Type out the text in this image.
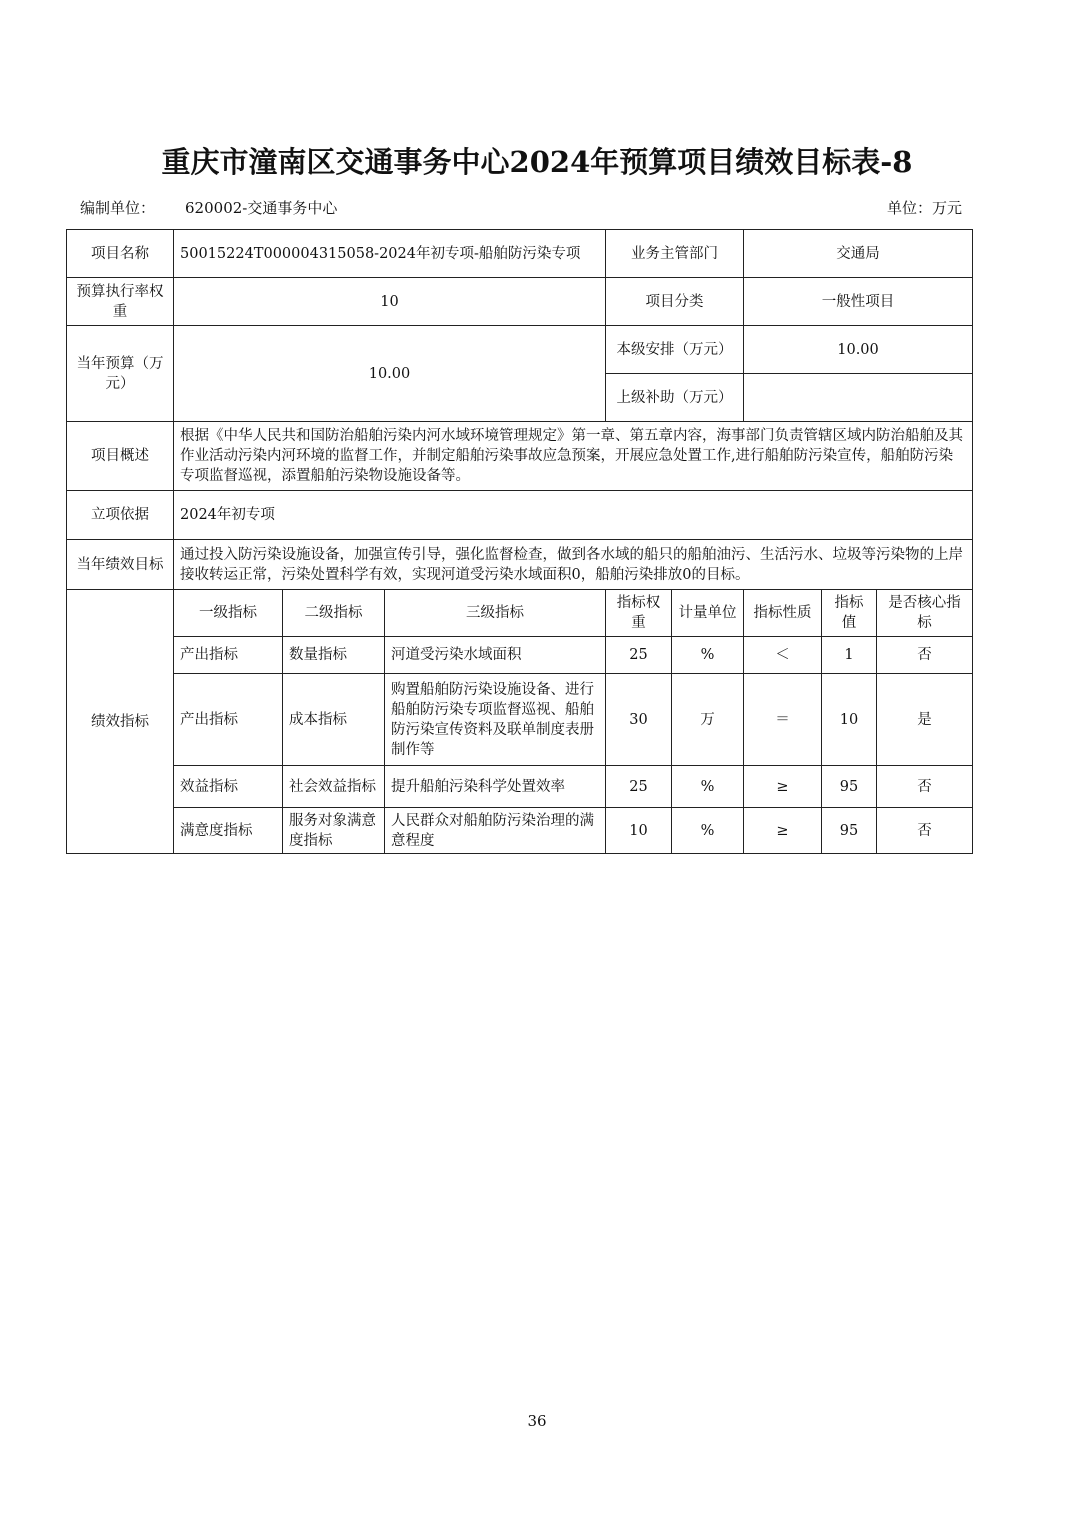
重庆市潼南区交通事务中心2024年预算项目绩效目标表-8
编制单位： 620002-交通事务中心	单位：万元
项目名称	50015224T000004315058-2024年初专项-船舶防污染专项			业务主管部门		交通局		
预算执行率权重	10			项目分类		一般性项目		
当年预算（万元）	10.00			本级安排（万元）		10.00		
				上级补助（万元）				
项目概述	根据《中华人民共和国防治船舶污染内河水域环境管理规定》第一章、第五章内容，海事部门负责管辖区域内防治船舶及其作业活动污染内河环境的监督工作，并制定船舶污染事故应急预案，开展应急处置工作,进行船舶防污染宣传，船舶防污染专项监督巡视，添置船舶污染物设施设备等。							
立项依据	2024年初专项							
当年绩效目标	通过投入防污染设施设备，加强宣传引导，强化监督检查，做到各水域的船只的船舶油污、生活污水、垃圾等污染物的上岸接收转运正常，污染处置科学有效，实现河道受污染水域面积0，船舶污染排放0的目标。							
绩效指标	一级指标	二级指标	三级指标	指标权重	计量单位	指标性质	指标值	是否核心指标
	产出指标	数量指标	河道受污染水域面积	25	%	＜	1	否
	产出指标	成本指标	购置船舶防污染设施设备、进行船舶防污染专项监督巡视、船舶防污染宣传资料及联单制度表册制作等	30	万	＝	10	是
	效益指标	社会效益指标	提升船舶污染科学处置效率	25	%	≥	95	否
	满意度指标	服务对象满意度指标	人民群众对船舶防污染治理的满意程度	10	%	≥	95	否
36
